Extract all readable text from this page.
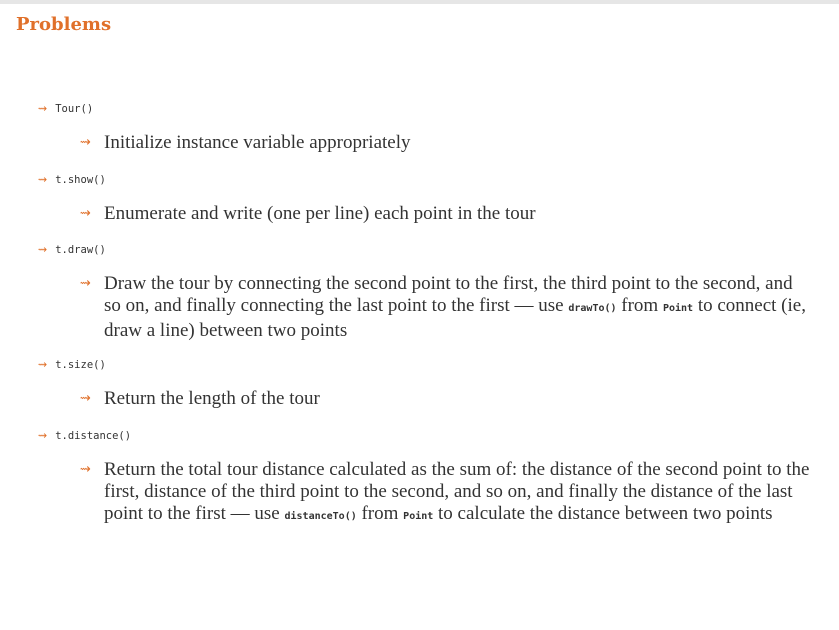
Problems
⇝ Tour()
⇝ Initialize instance variable appropriately
⇝ t.show()
⇝ Enumerate and write (one per line) each point in the tour
⇝ t.draw()
⇝ Draw the tour by connecting the second point to the first, the third point to the second, and so on, and finally connecting the last point to the first — use drawTo() from Point to connect (ie, draw a line) between two points
⇝ t.size()
⇝ Return the length of the tour
⇝ t.distance()
⇝ Return the total tour distance calculated as the sum of: the distance of the second point to the first, distance of the third point to the second, and so on, and finally the distance of the last point to the first — use distanceTo() from Point to calculate the distance between two points
